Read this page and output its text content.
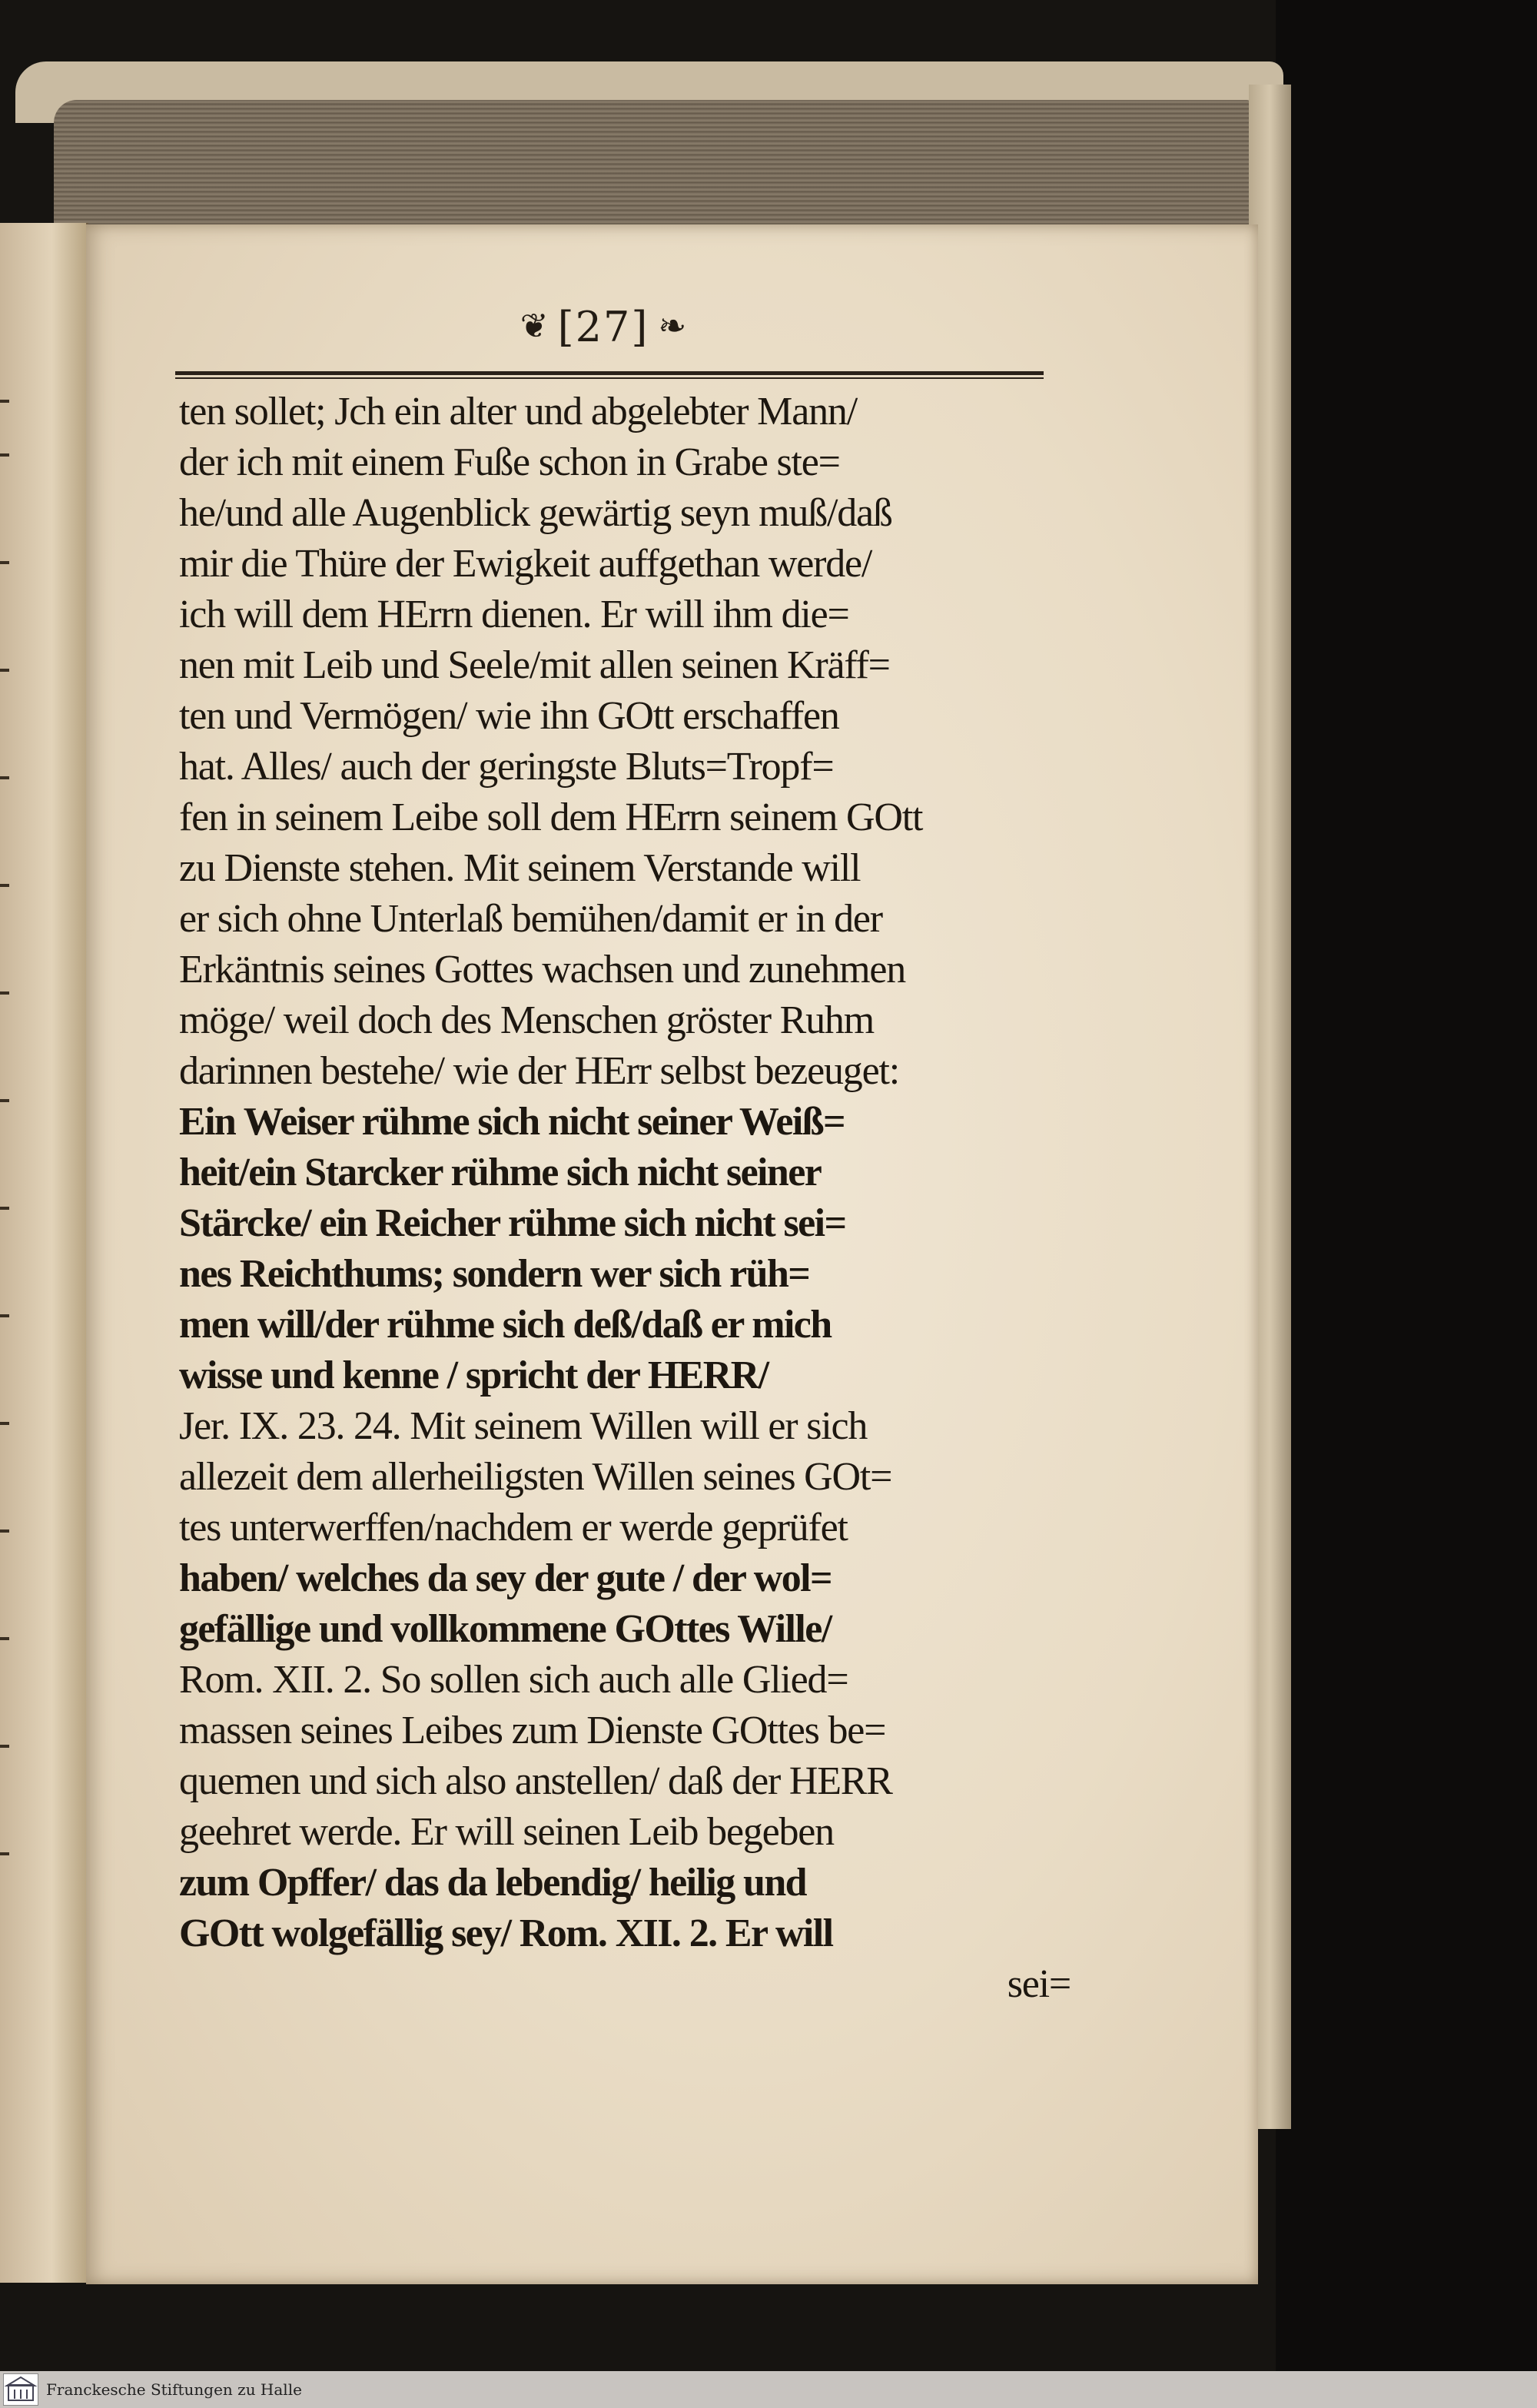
❦ [27] ❧
ten sollet; Jch ein alter und abgelebter Mann/
der ich mit einem Fuße schon in Grabe ste=
he/und alle Augenblick gewärtig seyn muß/daß
mir die Thüre der Ewigkeit auffgethan werde/
ich will dem HErrn dienen. Er will ihm die=
nen mit Leib und Seele/mit allen seinen Kräff=
ten und Vermögen/ wie ihn GOtt erschaffen
hat. Alles/ auch der geringste Bluts=Tropf=
fen in seinem Leibe soll dem HErrn seinem GOtt
zu Dienste stehen. Mit seinem Verstande will
er sich ohne Unterlaß bemühen/damit er in der
Erkäntnis seines Gottes wachsen und zunehmen
möge/ weil doch des Menschen gröster Ruhm
darinnen bestehe/ wie der HErr selbst bezeuget:
Ein Weiser rühme sich nicht seiner Weiß=
heit/ein Starcker rühme sich nicht seiner
Stärcke/ ein Reicher rühme sich nicht sei=
nes Reichthums; sondern wer sich rüh=
men will/der rühme sich deß/daß er mich
wisse und kenne / spricht der HERR/
Jer. IX. 23. 24. Mit seinem Willen will er sich
allezeit dem allerheiligsten Willen seines GOt=
tes unterwerffen/nachdem er werde geprüfet
haben/ welches da sey der gute / der wol=
gefällige und vollkommene GOttes Wille/
Rom. XII. 2. So sollen sich auch alle Glied=
massen seines Leibes zum Dienste GOttes be=
quemen und sich also anstellen/ daß der HERR
geehret werde. Er will seinen Leib begeben
zum Opffer/ das da lebendig/ heilig und
GOtt wolgefällig sey/ Rom. XII. 2. Er will
sei=
Franckesche Stiftungen zu Halle
